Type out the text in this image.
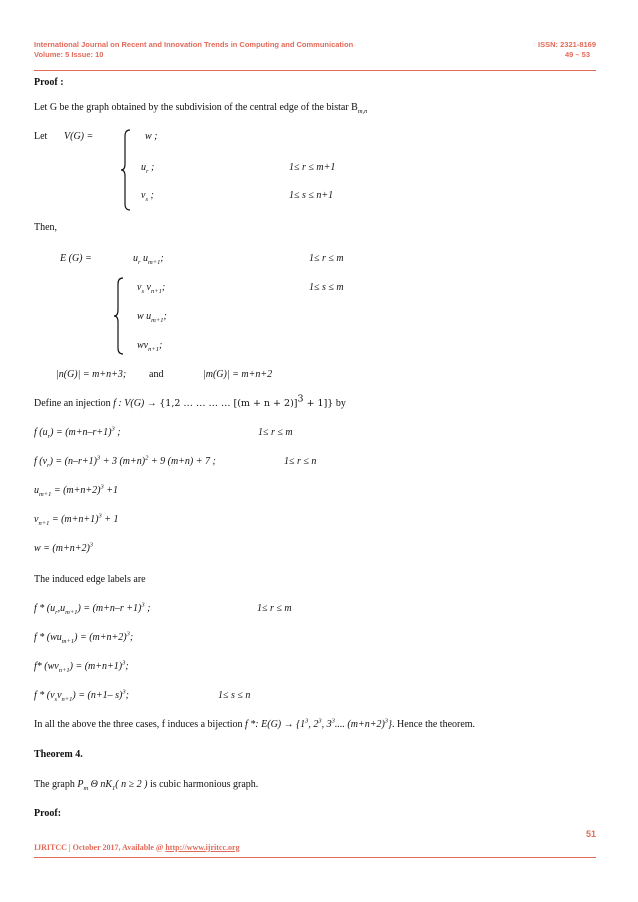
International Journal on Recent and Innovation Trends in Computing and Communication
Volume: 5 Issue: 10
ISSN: 2321-8169
49 – 53
Proof :
Let G be the graph obtained by the subdivision of the central edge of the bistar $B_{m,n}$
Let V(G) =	w ;
$u_r$ ;	1≤ r ≤ m+1
$v_s$ ;	1≤ s ≤ n+1
Then,
E (G) =	$u_r$ $u_{m+1}$;	1≤ r ≤ m
$v_s$ $v_{n+1}$;	1≤ s ≤ m
w $u_{m+1}$;
$wv_{n+1}$;
|n(G)| = m+n+3; and	|m(G)| = m+n+2
Define an injection f : V(G) → {1,2 … … … … $[(m + n + 2)]^3 + 1$]} by
f $(u_r) = (m+n-r+1)^3$ ;	1≤ r ≤ m
f $(v_r) = (n-r+1)^3 + 3$ $(m+n)^2 + 9$ (m+n) + 7 ;	1≤ r ≤ n
$u_{m+1} = (m+n+2)^3 +1$
$v_{n+1} = (m+n+1)^3 + 1$
$w = (m+n+2)^3$
The induced edge labels are
$f * (u_r,u_{m+1}) = (m+n-r +1)^3$ ;	1≤ r ≤ m
$f * (wu_{m+1}) = (m+n+2)^3$;
f* $(wv_{n+1}) = (m+n+1)^3$;
$f * (v_sv_{n+1}) = (n+1-$ s)$^3$;	1≤ s ≤ n
In all the above the three cases, f induces a bijection f *: $E(G) \to \{1^3$, $2^3$, $3^3$.... $(m+n+2)^3$}. Hence the theorem.
Theorem 4.
The graph $P_m$ Θ $nK_1$( n ≥ 2 ) is cubic harmonious graph.
Proof:
51
IJRITCC | October 2017, Available @ http://www.ijritcc.org
